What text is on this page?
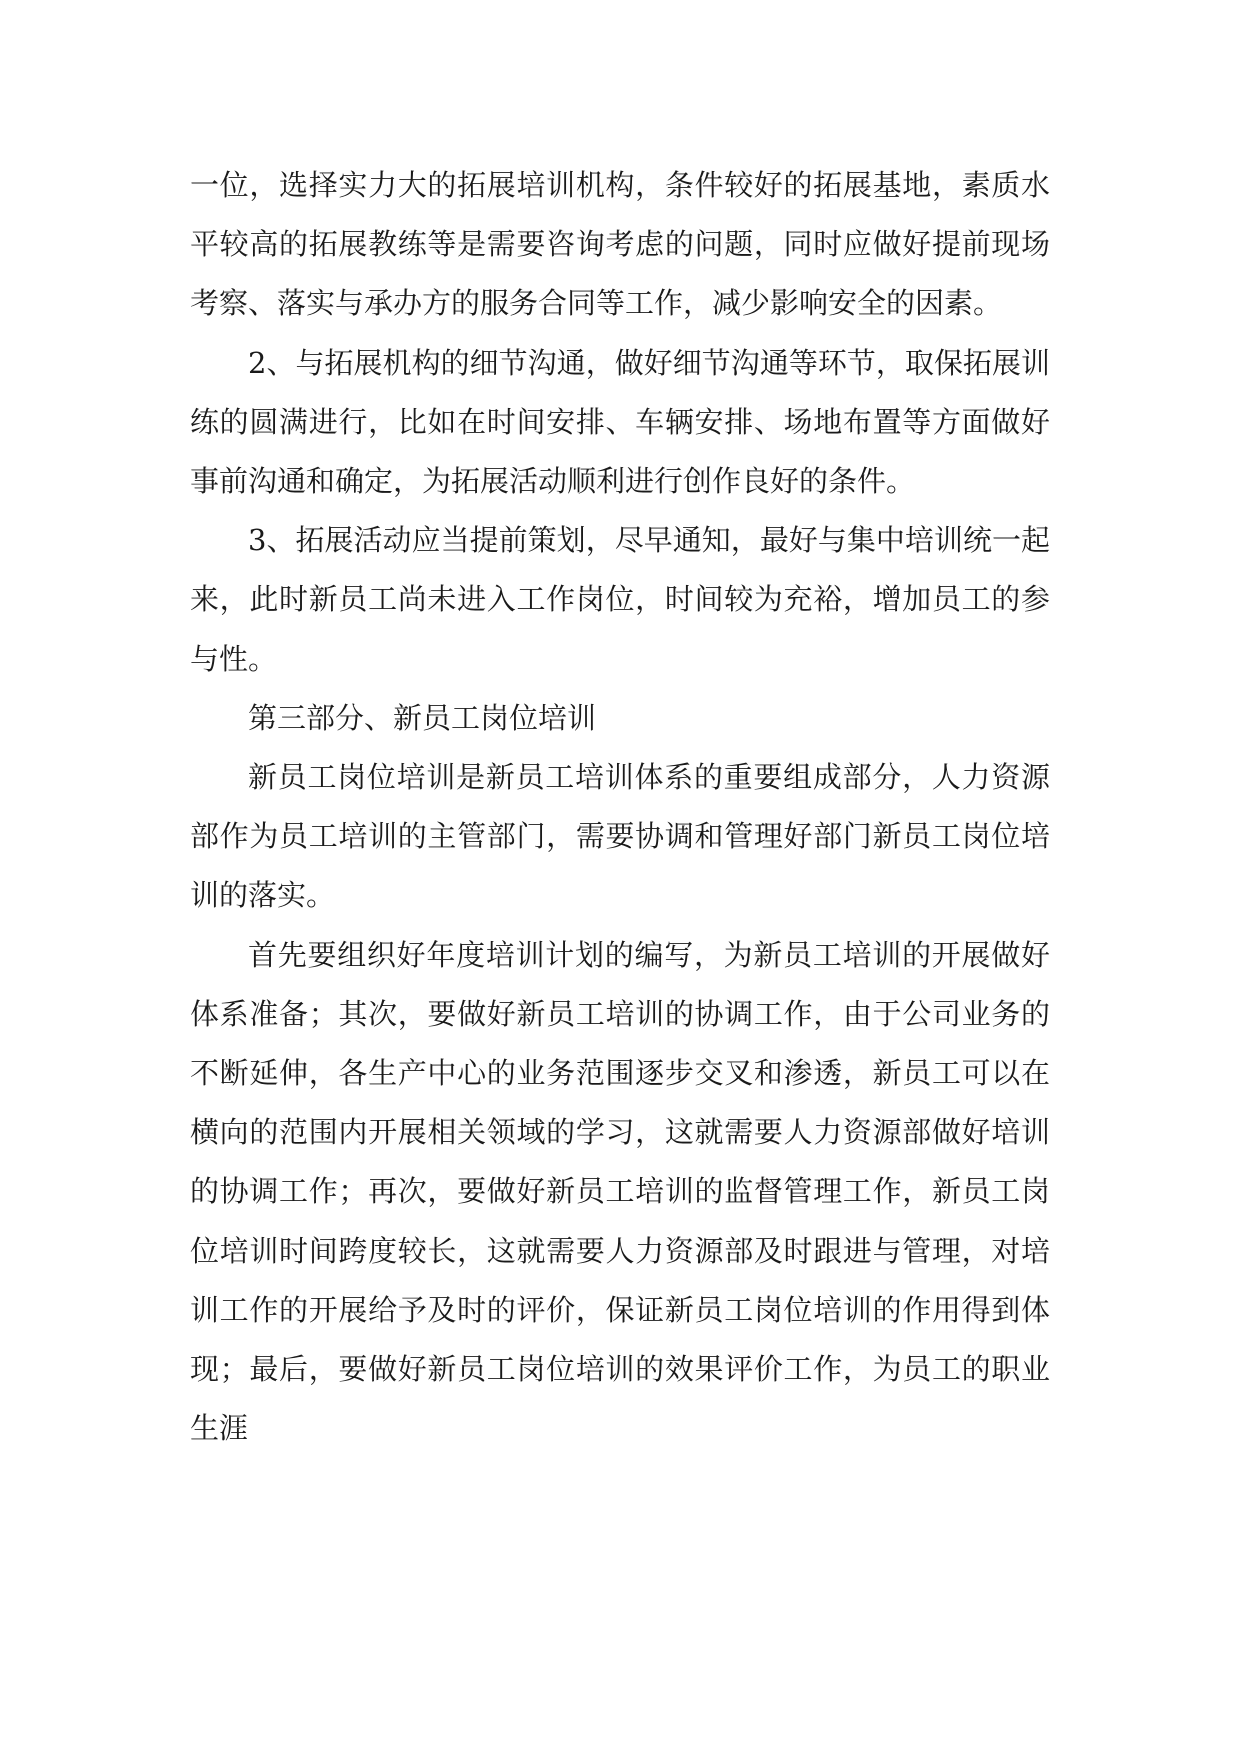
一位，选择实力大的拓展培训机构，条件较好的拓展基地，素质水平较高的拓展教练等是需要咨询考虑的问题，同时应做好提前现场考察、落实与承办方的服务合同等工作，减少影响安全的因素。

2、与拓展机构的细节沟通，做好细节沟通等环节，取保拓展训练的圆满进行，比如在时间安排、车辆安排、场地布置等方面做好事前沟通和确定，为拓展活动顺利进行创作良好的条件。

3、拓展活动应当提前策划，尽早通知，最好与集中培训统一起来，此时新员工尚未进入工作岗位，时间较为充裕，增加员工的参与性。

第三部分、新员工岗位培训

新员工岗位培训是新员工培训体系的重要组成部分，人力资源部作为员工培训的主管部门，需要协调和管理好部门新员工岗位培训的落实。

首先要组织好年度培训计划的编写，为新员工培训的开展做好体系准备；其次，要做好新员工培训的协调工作，由于公司业务的不断延伸，各生产中心的业务范围逐步交叉和渗透，新员工可以在横向的范围内开展相关领域的学习，这就需要人力资源部做好培训的协调工作；再次，要做好新员工培训的监督管理工作，新员工岗位培训时间跨度较长，这就需要人力资源部及时跟进与管理，对培训工作的开展给予及时的评价，保证新员工岗位培训的作用得到体现；最后，要做好新员工岗位培训的效果评价工作，为员工的职业生涯
